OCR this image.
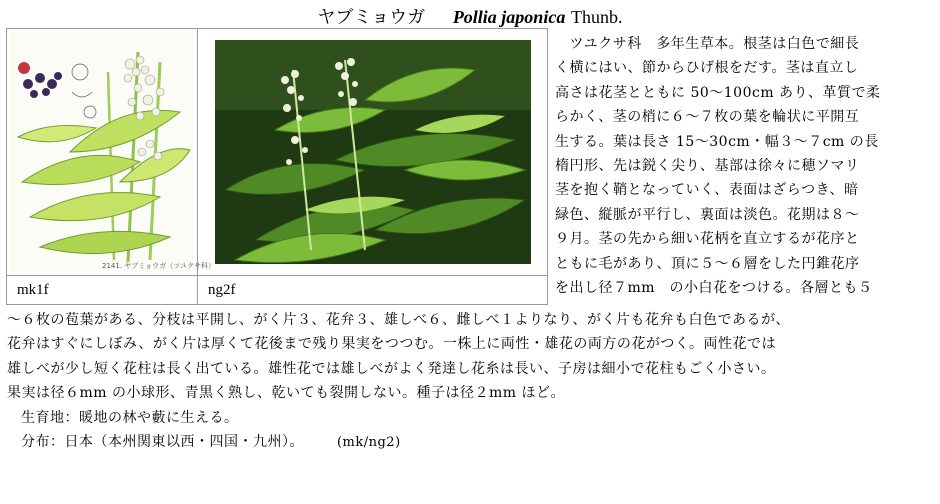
ヤブミョウガ Pollia japonica Thunb.
2141. ヤブミョウガ（ツユクサ科）

mk1f	ng2f

　ツユクサ科　多年生草本。根茎は白色で細長

く横にはい、節からひげ根をだす。茎は直立し

高さは花茎とともに 50～100cm あり、革質で柔

らかく、茎の梢に６～７枚の葉を輪状に平開互

生する。葉は長さ 15～30cm・幅３～７cm の長

楕円形、先は鋭く尖り、基部は徐々に穂ソマリ

茎を抱く鞘となっていく、表面はざらつき、暗

緑色、縦脈が平行し、裏面は淡色。花期は８～

９月。茎の先から細い花柄を直立するが花序と

ともに毛があり、頂に５～６層をした円錐花序

を出し径７mm　の小白花をつける。各層とも５

～６枚の苞葉がある、分枝は平開し、がく片３、花弁３、雄しべ６、雌しべ１よりなり、がく片も花弁も白色であるが、

花弁はすぐにしぼみ、がく片は厚くて花後まで残り果実をつつむ。一株上に両性・雄花の両方の花がつく。両性花では

雄しべが少し短く花柱は長く出ている。雄性花では雄しべがよく発達し花糸は長い、子房は細小で花柱もごく小さい。

果実は径６mm の小球形、青黒く熟し、乾いても裂開しない。種子は径２mm ほど。

生育地：暖地の林や藪に生える。

分布：日本（本州関東以西・四国・九州）。	(mk/ng2)
